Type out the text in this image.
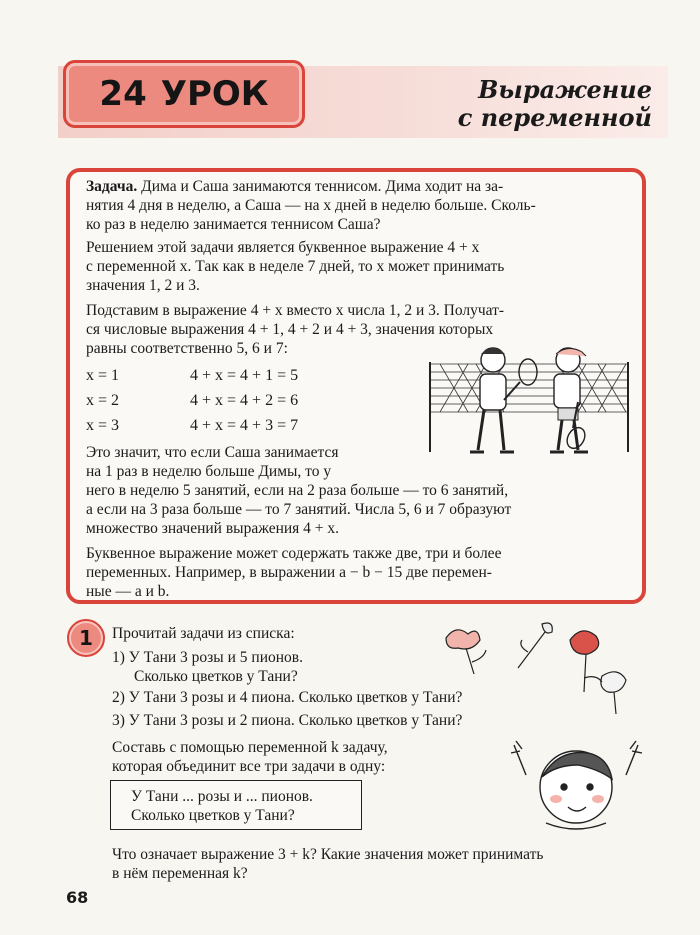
24 УРОК	Выражение
с переменной
Задача. Дима и Саша занимаются теннисом. Дима ходит на за-
нятия 4 дня в неделю, а Саша — на x дней в неделю больше. Сколь-
ко раз в неделю занимается теннисом Саша?
Решением этой задачи является буквенное выражение 4 + x
с переменной x. Так как в неделе 7 дней, то x может принимать
значения 1, 2 и 3.
Подставим в выражение 4 + x вместо x числа 1, 2 и 3. Получат-
ся числовые выражения 4 + 1, 4 + 2 и 4 + 3, значения которых
равны соответственно 5, 6 и 7:
x = 1	4 + x = 4 + 1 = 5
x = 2	4 + x = 4 + 2 = 6
x = 3	4 + x = 4 + 3 = 7
Это значит, что если Саша занимается
на 1 раз в неделю больше Димы, то у
него в неделю 5 занятий, если на 2 раза больше — то 6 занятий,
а если на 3 раза больше — то 7 занятий. Числа 5, 6 и 7 образуют
множество значений выражения 4 + x.
Буквенное выражение может содержать также две, три и более
переменных. Например, в выражении a − b − 15 две перемен-
ные — a и b.
1	Прочитай задачи из списка:
1) У Тани 3 розы и 5 пионов.
Сколько цветков у Тани?
2) У Тани 3 розы и 4 пиона. Сколько цветков у Тани?
3) У Тани 3 розы и 2 пиона. Сколько цветков у Тани?
Составь с помощью переменной k задачу,
которая объединит все три задачи в одну:
У Тани ... розы и ... пионов.
Сколько цветков у Тани?
Что означает выражение 3 + k? Какие значения может принимать
в нём переменная k?
68
